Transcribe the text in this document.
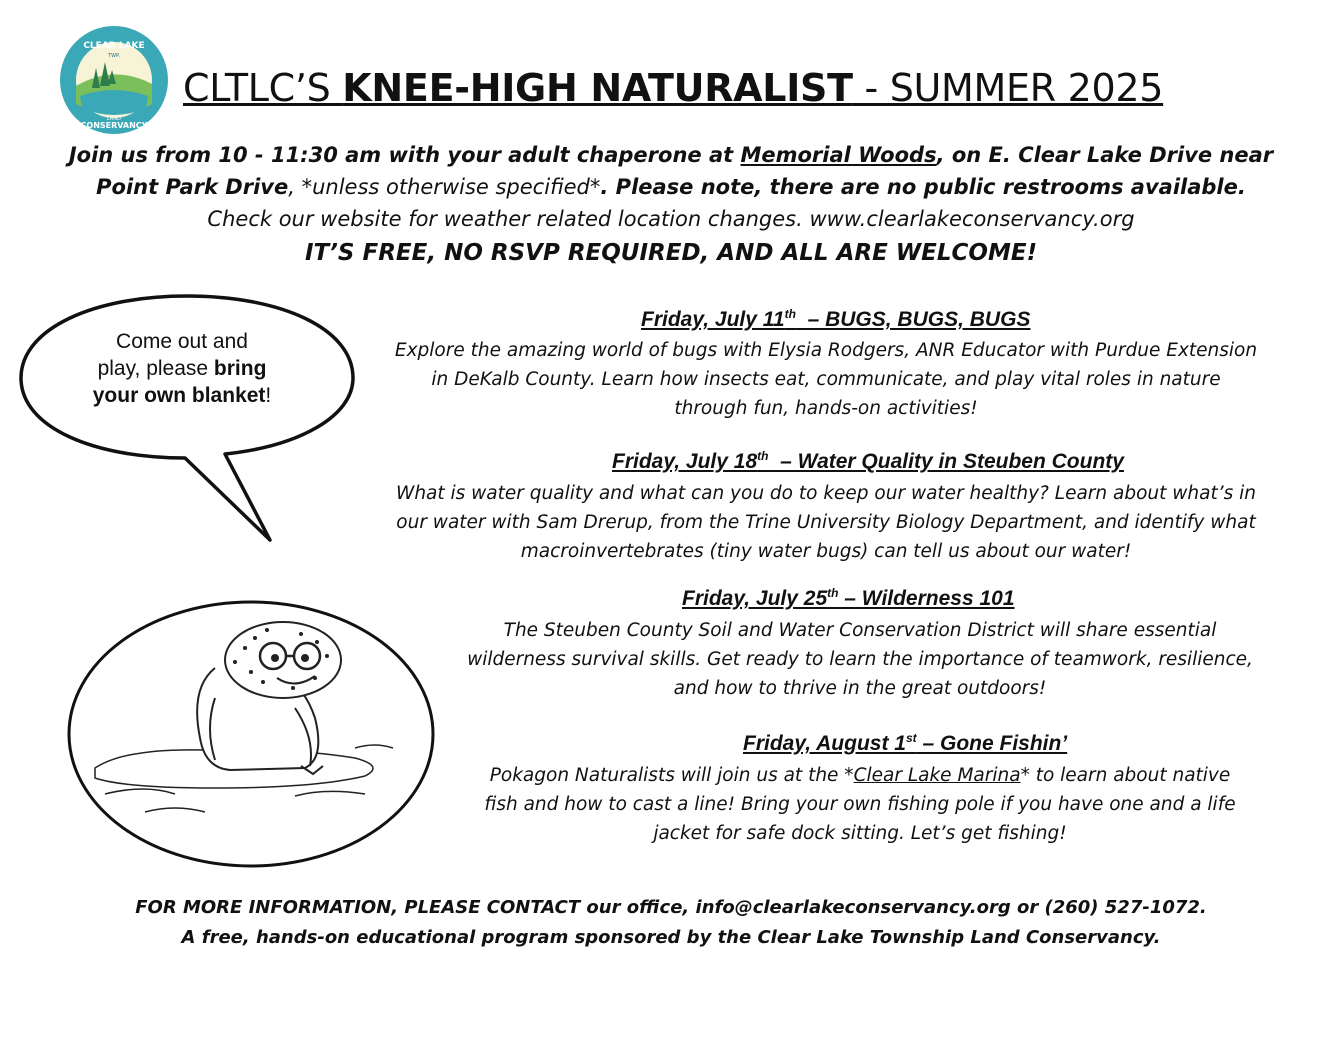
CLEAR LAKE
TWP.
LAND
CONSERVANCY
CLTLC’S KNEE-HIGH NATURALIST - SUMMER 2025
Join us from 10 - 11:30 am with your adult chaperone at Memorial Woods, on E. Clear Lake Drive near
Point Park Drive, *unless otherwise specified*. Please note, there are no public restrooms available.
Check our website for weather related location changes. www.clearlakeconservancy.org
IT’S FREE, NO RSVP REQUIRED, AND ALL ARE WELCOME!
Come out and
play, please bring
your own blanket!
Friday, July 11th  – BUGS, BUGS, BUGS
Explore the amazing world of bugs with Elysia Rodgers, ANR Educator with Purdue Extension
in DeKalb County. Learn how insects eat, communicate, and play vital roles in nature
through fun, hands-on activities!
Friday, July 18th  – Water Quality in Steuben County
What is water quality and what can you do to keep our water healthy? Learn about what’s in
our water with Sam Drerup, from the Trine University Biology Department, and identify what
macroinvertebrates (tiny water bugs) can tell us about our water!
Friday, July 25th – Wilderness 101
The Steuben County Soil and Water Conservation District will share essential
wilderness survival skills. Get ready to learn the importance of teamwork, resilience,
and how to thrive in the great outdoors!
Friday, August 1st – Gone Fishin’
Pokagon Naturalists will join us at the *Clear Lake Marina* to learn about native
fish and how to cast a line! Bring your own fishing pole if you have one and a life
jacket for safe dock sitting. Let’s get fishing!
FOR MORE INFORMATION, PLEASE CONTACT our office, info@clearlakeconservancy.org or (260) 527-1072.
A free, hands-on educational program sponsored by the Clear Lake Township Land Conservancy.
